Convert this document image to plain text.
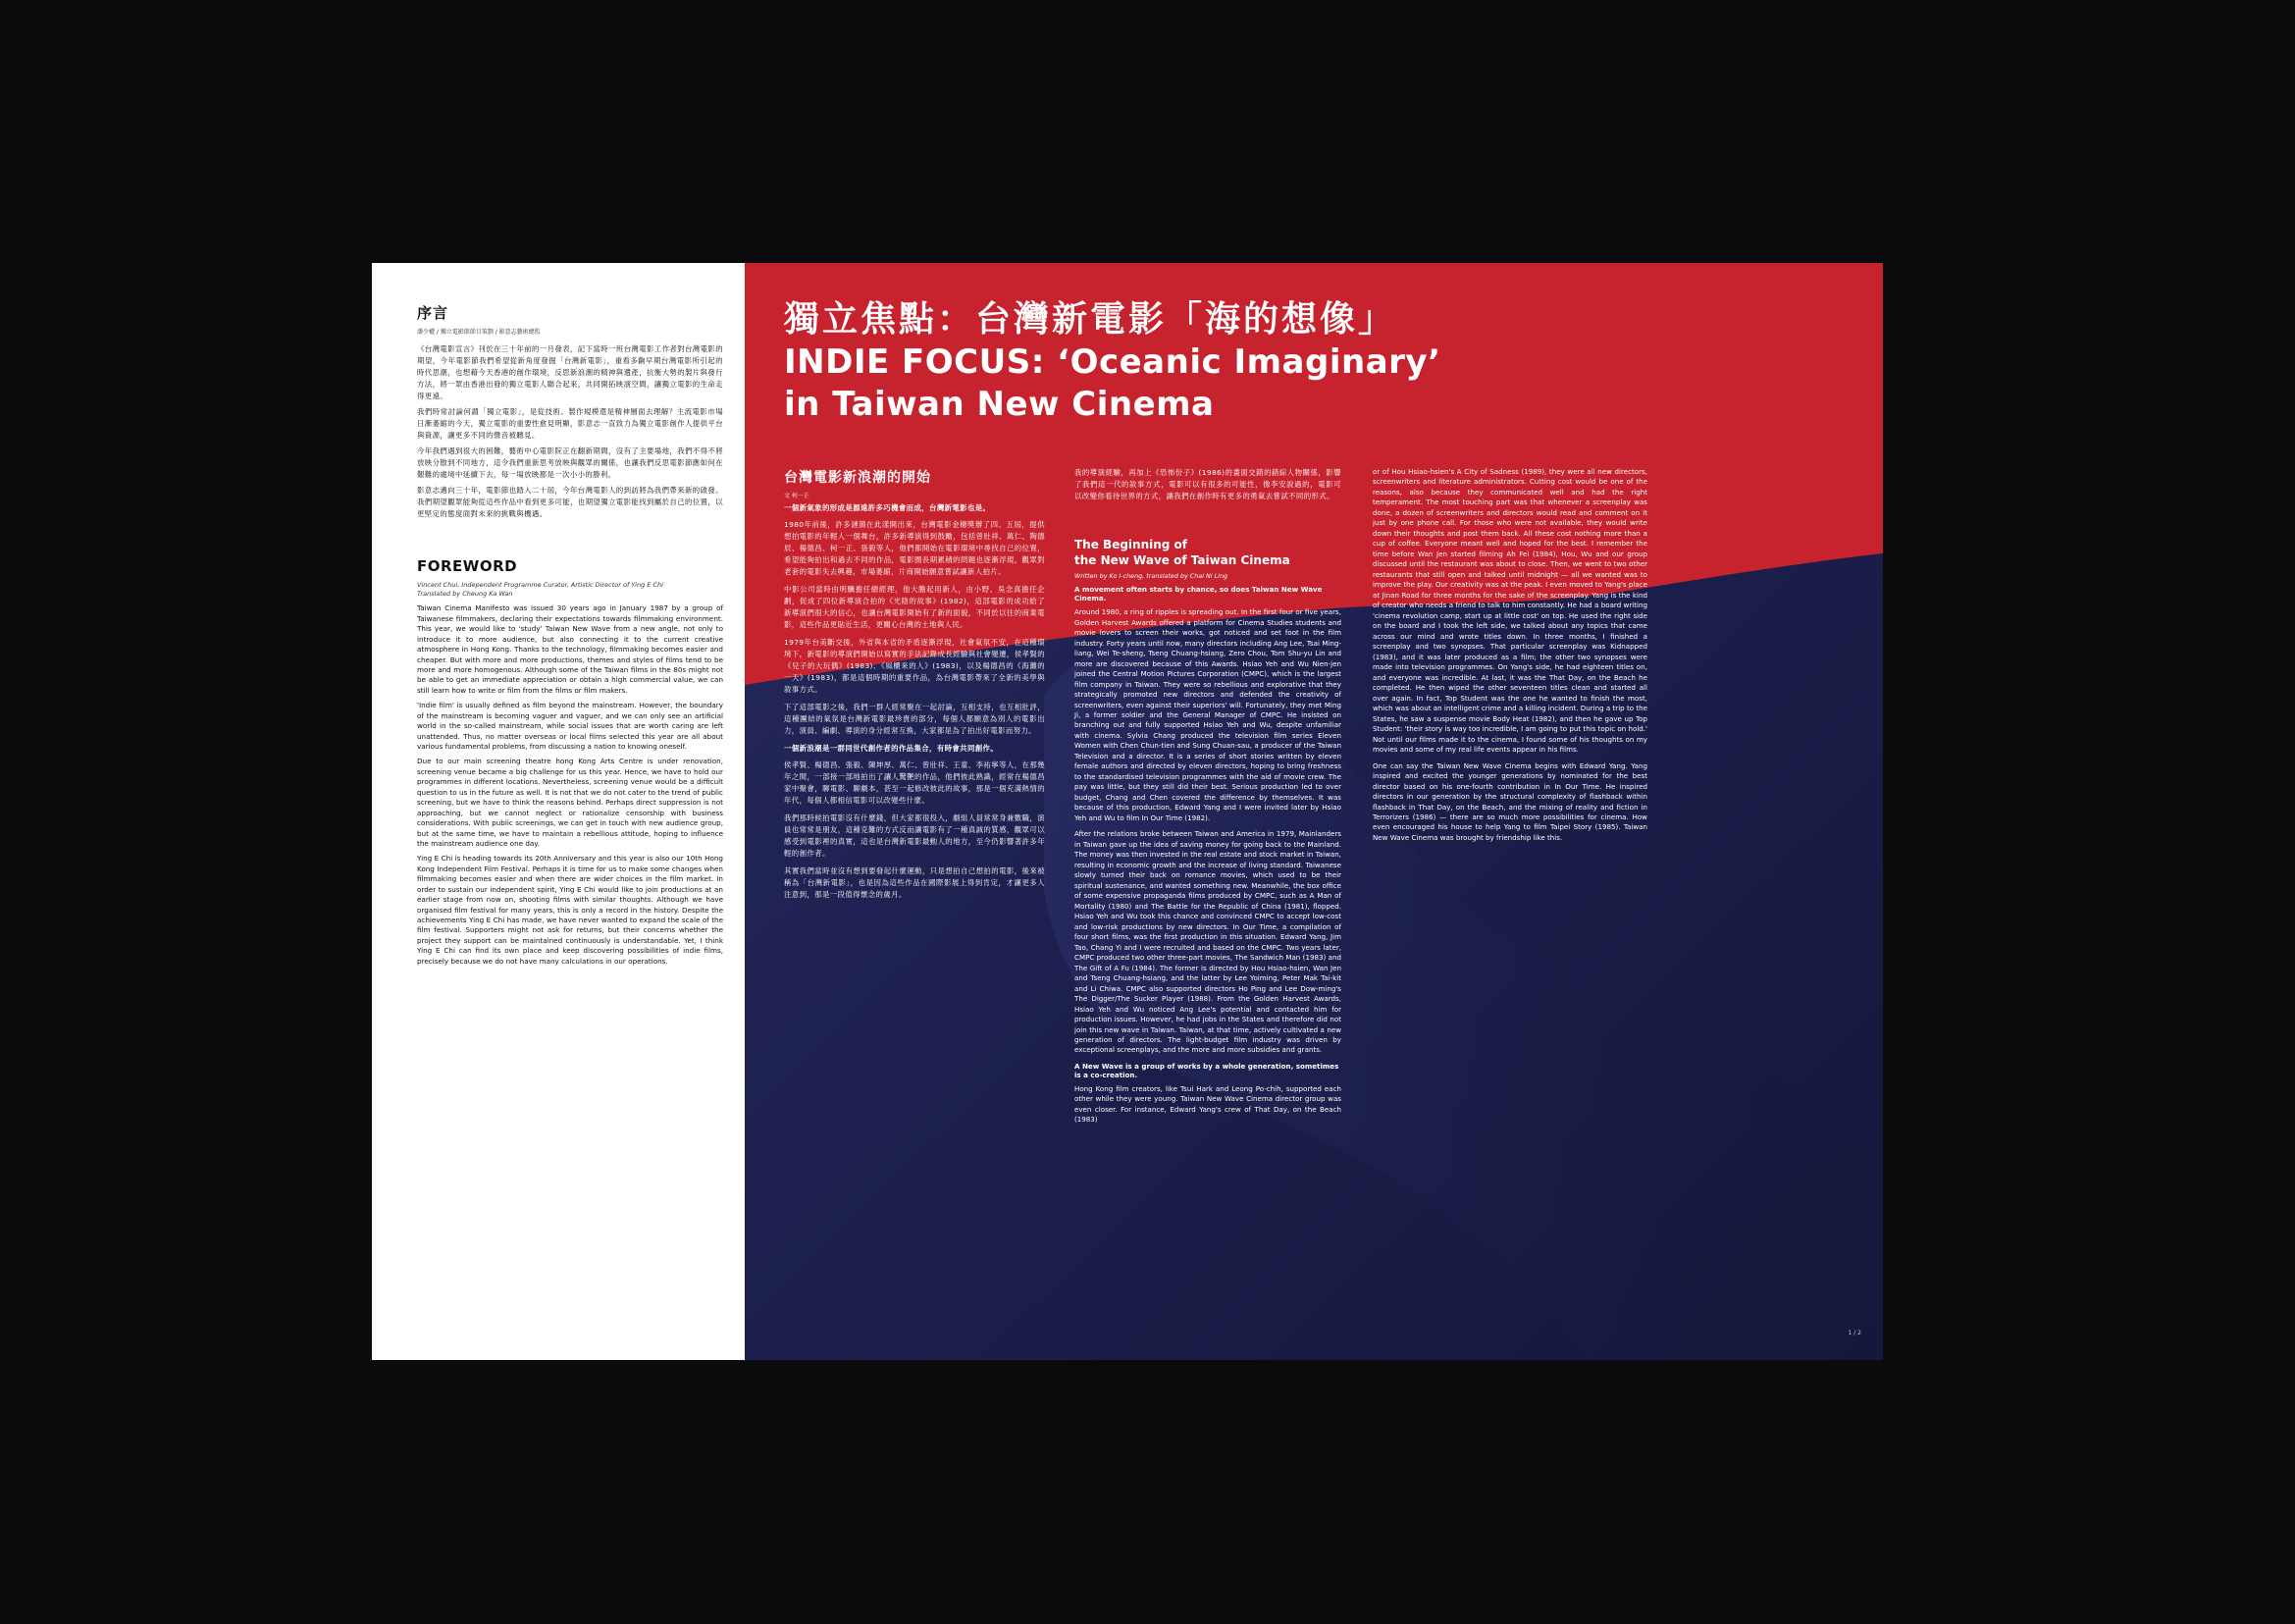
序言
潘少權 / 獨立電影節節目策劃 / 影意志藝術總監

《台灣電影宣言》刊於在三十年前的一月發表，記下當時一班台灣電影工作者對台灣電影的期望，今年電影節我們希望從新角度發掘「台灣新電影」，重看多齣早期台灣電影所引起的時代思潮，也想藉今天香港的創作環境，反思新浪潮的精神與遺產，抗衡大勢的製片與發行方法，將一眾由香港出發的獨立電影人聯合起來，共同開拓映演空間，讓獨立電影的生命走得更遠。

我們時常討論何謂「獨立電影」，是從技術、製作規模還是精神層面去理解？主流電影市場日漸萎縮的今天，獨立電影的重要性愈見明顯，影意志一直致力為獨立電影創作人提供平台與資源，讓更多不同的聲音被聽見。

今年我們遇到很大的困難，藝術中心電影院正在翻新期間，沒有了主要場地，我們不得不將放映分散到不同地方，這令我們重新思考放映與觀眾的關係，也讓我們反思電影節應如何在艱難的處境中延續下去，每一場放映都是一次小小的勝利。

影意志邁向三十年，電影節也踏入二十屆，今年台灣電影人的到訪將為我們帶來新的啟發。我們期望觀眾能夠從這些作品中看到更多可能，也期望獨立電影能找到屬於自己的位置，以更堅定的態度面對未來的挑戰與機遇。

FOREWORD
Vincent Chui, Independent Programme Curator, Artistic Director of Ying E Chi
Translated by Cheung Ka Wan

Taiwan Cinema Manifesto was issued 30 years ago in January 1987 by a group of Taiwanese filmmakers, declaring their expectations towards filmmaking environment. This year, we would like to 'study' Taiwan New Wave from a new angle, not only to introduce it to more audience, but also connecting it to the current creative atmosphere in Hong Kong. Thanks to the technology, filmmaking becomes easier and cheaper. But with more and more productions, themes and styles of films tend to be more and more homogenous. Although some of the Taiwan films in the 80s might not be able to get an immediate appreciation or obtain a high commercial value, we can still learn how to write or film from the films or film makers.

'Indie film' is usually defined as film beyond the mainstream. However, the boundary of the mainstream is becoming vaguer and vaguer, and we can only see an artificial world in the so-called mainstream, while social issues that are worth caring are left unattended. Thus, no matter overseas or local films selected this year are all about various fundamental problems, from discussing a nation to knowing oneself.

Due to our main screening theatre hong Kong Arts Centre is under renovation, screening venue became a big challenge for us this year. Hence, we have to hold our programmes in different locations. Nevertheless, screening venue would be a difficult question to us in the future as well. It is not that we do not cater to the trend of public screening, but we have to think the reasons behind. Perhaps direct suppression is not approaching, but we cannot neglect or rationalize censorship with business considerations. With public screenings, we can get in touch with new audience group, but at the same time, we have to maintain a rebellious attitude, hoping to influence the mainstream audience one day.

Ying E Chi is heading towards its 20th Anniversary and this year is also our 10th Hong Kong Independent Film Festival. Perhaps it is time for us to make some changes when filmmaking becomes easier and when there are wider choices in the film market. In order to sustain our independent spirit, Ying E Chi would like to join productions at an earlier stage from now on, shooting films with similar thoughts. Although we have organised film festival for many years, this is only a record in the history. Despite the achievements Ying E Chi has made, we have never wanted to expand the scale of the film festival. Supporters might not ask for returns, but their concerns whether the project they support can be maintained continuously is understandable. Yet, I think Ying E Chi can find its own place and keep discovering possibilities of indie films, precisely because we do not have many calculations in our operations.

獨立焦點：台灣新電影「海的想像」
INDIE FOCUS: ‘Oceanic Imaginary’
in Taiwan New Cinema
台灣電影新浪潮的開始
文 柯一正
一個新氣象的形成是源遠許多巧機會而成，台灣新電影也是。

1980年前後，許多漣漪在此漾開出來，台灣電影金穗獎辦了四、五屆，提供想拍電影的年輕人一個舞台，許多新導演得到鼓勵，包括曾壯祥、萬仁、陶德辰、楊德昌、柯一正、張毅等人，他們都開始在電影環境中尋找自己的位置，希望能夠拍出和過去不同的作品，電影圈長期累積的問題也逐漸浮現，觀眾對老套的電影失去興趣，市場萎縮，片商開始願意嘗試讓新人拍片。

中影公司當時由明驥擔任總經理，他大膽起用新人，由小野、吳念真擔任企劃，促成了四位新導演合拍的《光陰的故事》(1982)，這部電影的成功給了新導演們很大的信心，也讓台灣電影開始有了新的面貌，不同於以往的商業電影，這些作品更貼近生活，更關心台灣的土地與人民。

1979年台美斷交後，外省與本省的矛盾逐漸浮現，社會氣氛不安，在這種環境下，新電影的導演們開始以寫實的手法記錄成長經驗與社會變遷，侯孝賢的《兒子的大玩偶》(1983)、《風櫃來的人》(1983)，以及楊德昌的《海灘的一天》(1983)，都是這個時期的重要作品，為台灣電影帶來了全新的美學與敘事方式。

下了這部電影之後，我們一群人經常聚在一起討論，互相支持，也互相批評，這種團結的氣氛是台灣新電影最珍貴的部分，每個人都願意為別人的電影出力，演員、編劇、導演的身分經常互換，大家都是為了拍出好電影而努力。

一個新浪潮是一群同世代創作者的作品集合，有時會共同創作。

侯孝賢、楊德昌、張毅、陳坤厚、萬仁、曾壯祥、王童、李祐寧等人，在那幾年之間，一部接一部地拍出了讓人驚艷的作品，他們彼此熟識，經常在楊德昌家中聚會，聊電影、聊劇本，甚至一起修改彼此的故事，那是一個充滿熱情的年代，每個人都相信電影可以改變些什麼。

我們那時候拍電影沒有什麼錢，但大家都很投入，劇組人員常常身兼數職，演員也常常是朋友，這種克難的方式反而讓電影有了一種真誠的質感，觀眾可以感受到電影裡的真實，這也是台灣新電影最動人的地方，至今仍影響著許多年輕的創作者。

其實我們當時並沒有想到要發起什麼運動，只是想拍自己想拍的電影，後來被稱為「台灣新電影」，也是因為這些作品在國際影展上得到肯定，才讓更多人注意到，那是一段值得懷念的歲月。

我的導演經驗，再加上《恐怖份子》(1986)的畫面交錯的錯綜人物關係，影響了我們這一代的敘事方式，電影可以有很多的可能性，像李安說過的，電影可以改變你看待世界的方式，讓我們在創作時有更多的勇氣去嘗試不同的形式。

The Beginning of
the New Wave of Taiwan Cinema
Written by Ko I-cheng, translated by Chai Ni Ling
A movement often starts by chance, so does Taiwan New Wave Cinema.

Around 1980, a ring of ripples is spreading out. In the first four or five years, Golden Harvest Awards offered a platform for Cinema Studies students and movie lovers to screen their works, got noticed and set foot in the film industry. Forty years until now, many directors including Ang Lee, Tsai Ming-liang, Wei Te-sheng, Tseng Chuang-hsiang, Zero Chou, Tom Shu-yu Lin and more are discovered because of this Awards. Hsiao Yeh and Wu Nien-jen joined the Central Motion Pictures Corporation (CMPC), which is the largest film company in Taiwan. They were so rebellious and explorative that they strategically promoted new directors and defended the creativity of screenwriters, even against their superiors' will. Fortunately, they met Ming Ji, a former soldier and the General Manager of CMPC. He insisted on branching out and fully supported Hsiao Yeh and Wu, despite unfamiliar with cinema. Sylvia Chang produced the television film series Eleven Women with Chen Chun-tien and Sung Chuan-sau, a producer of the Taiwan Television and a director. It is a series of short stories written by eleven female authors and directed by eleven directors, hoping to bring freshness to the standardised television programmes with the aid of movie crew. The pay was little, but they still did their best. Serious production led to over budget, Chang and Chen covered the difference by themselves. It was because of this production, Edward Yang and I were invited later by Hsiao Yeh and Wu to film In Our Time (1982).

After the relations broke between Taiwan and America in 1979, Mainlanders in Taiwan gave up the idea of saving money for going back to the Mainland. The money was then invested in the real estate and stock market in Taiwan, resulting in economic growth and the increase of living standard. Taiwanese slowly turned their back on romance movies, which used to be their spiritual sustenance, and wanted something new. Meanwhile, the box office of some expensive propaganda films produced by CMPC, such as A Man of Mortality (1980) and The Battle for the Republic of China (1981), flopped. Hsiao Yeh and Wu took this chance and convinced CMPC to accept low-cost and low-risk productions by new directors. In Our Time, a compilation of four short films, was the first production in this situation. Edward Yang, Jim Tao, Chang Yi and I were recruited and based on the CMPC. Two years later, CMPC produced two other three-part movies, The Sandwich Man (1983) and The Gift of A Fu (1984). The former is directed by Hou Hsiao-hsien, Wan Jen and Tseng Chuang-hsiang, and the latter by Lee Yoiming, Peter Mak Tai-kit and Li Chiwa. CMPC also supported directors Ho Ping and Lee Dow-ming's The Digger/The Sucker Player (1988). From the Golden Harvest Awards, Hsiao Yeh and Wu noticed Ang Lee's potential and contacted him for production issues. However, he had jobs in the States and therefore did not join this new wave in Taiwan. Taiwan, at that time, actively cultivated a new generation of directors. The light-budget film industry was driven by exceptional screenplays, and the more and more subsidies and grants.

A New Wave is a group of works by a whole generation, sometimes is a co-creation.

Hong Kong film creators, like Tsui Hark and Leong Po-chih, supported each other while they were young. Taiwan New Wave Cinema director group was even closer. For instance, Edward Yang's crew of That Day, on the Beach (1983)

or of Hou Hsiao-hsien's A City of Sadness (1989), they were all new directors, screenwriters and literature administrators. Cutting cost would be one of the reasons, also because they communicated well and had the right temperament. The most touching part was that whenever a screenplay was done, a dozen of screenwriters and directors would read and comment on it just by one phone call. For those who were not available, they would write down their thoughts and post them back. All these cost nothing more than a cup of coffee. Everyone meant well and hoped for the best. I remember the time before Wan Jen started filming Ah Fei (1984), Hou, Wu and our group discussed until the restaurant was about to close. Then, we went to two other restaurants that still open and talked until midnight — all we wanted was to improve the play. Our creativity was at the peak. I even moved to Yang's place at Jinan Road for three months for the sake of the screenplay. Yang is the kind of creator who needs a friend to talk to him constantly. He had a board writing 'cinema revolution camp, start up at little cost' on top. He used the right side on the board and I took the left side, we talked about any topics that came across our mind and wrote titles down. In three months, I finished a screenplay and two synopses. That particular screenplay was Kidnapped (1983), and it was later produced as a film; the other two synopses were made into television programmes. On Yang's side, he had eighteen titles on, and everyone was incredible. At last, it was the That Day, on the Beach he completed. He then wiped the other seventeen titles clean and started all over again. In fact, Top Student was the one he wanted to finish the most, which was about an intelligent crime and a killing incident. During a trip to the States, he saw a suspense movie Body Heat (1982), and then he gave up Top Student: 'their story is way too incredible, I am going to put this topic on hold.' Not until our films made it to the cinema, I found some of his thoughts on my movies and some of my real life events appear in his films.

One can say the Taiwan New Wave Cinema begins with Edward Yang. Yang inspired and excited the younger generations by nominated for the best director based on his one-fourth contribution in In Our Time. He inspired directors in our generation by the structural complexity of flashback within flashback in That Day, on the Beach, and the mixing of reality and fiction in Terrorizers (1986) — there are so much more possibilities for cinema. How even encouraged his house to help Yang to film Taipei Story (1985). Taiwan New Wave Cinema was brought by friendship like this.

1 / 2
